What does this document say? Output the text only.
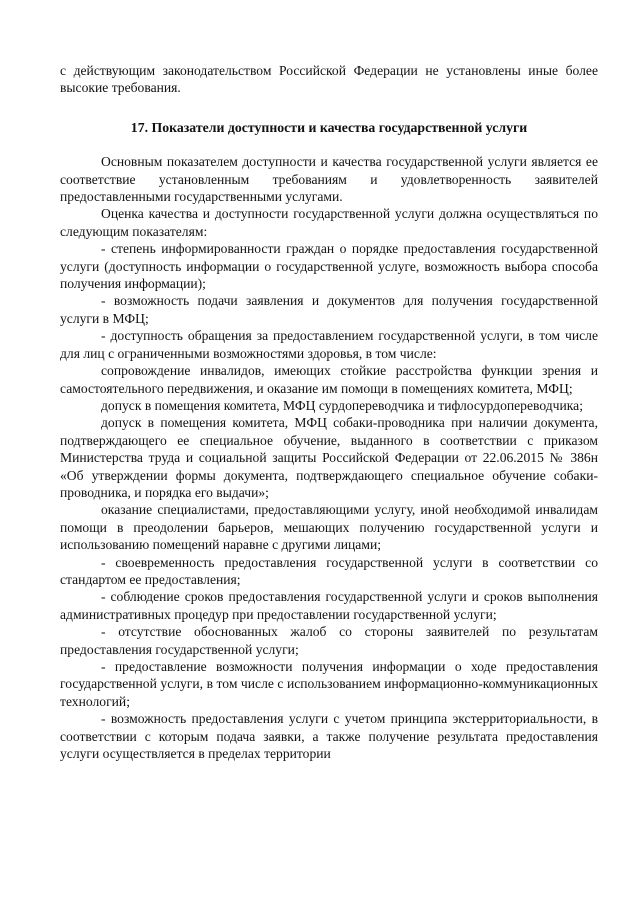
с действующим законодательством Российской Федерации не установлены иные более высокие требования.

17. Показатели доступности и качества государственной услуги

Основным показателем доступности и качества государственной услуги является ее соответствие установленным требованиям и удовлетворенность заявителей предоставленными государственными услугами.

Оценка качества и доступности государственной услуги должна осуществляться по следующим показателям:

- степень информированности граждан о порядке предоставления государственной услуги (доступность информации о государственной услуге, возможность выбора способа получения информации);

- возможность подачи заявления и документов для получения государственной услуги в МФЦ;

- доступность обращения за предоставлением государственной услуги, в том числе для лиц с ограниченными возможностями здоровья, в том числе:

сопровождение инвалидов, имеющих стойкие расстройства функции зрения и самостоятельного передвижения, и оказание им помощи в помещениях комитета, МФЦ;

допуск в помещения комитета, МФЦ сурдопереводчика и тифлосурдопереводчика;

допуск в помещения комитета, МФЦ собаки-проводника при наличии документа, подтверждающего ее специальное обучение, выданного в соответствии с приказом Министерства труда и социальной защиты Российской Федерации от 22.06.2015 № 386н «Об утверждении формы документа, подтверждающего специальное обучение собаки-проводника, и порядка его выдачи»;

оказание специалистами, предоставляющими услугу, иной необходимой инвалидам помощи в преодолении барьеров, мешающих получению государственной услуги и использованию помещений наравне с другими лицами;

- своевременность предоставления государственной услуги в соответствии со стандартом ее предоставления;

- соблюдение сроков предоставления государственной услуги и сроков выполнения административных процедур при предоставлении государственной услуги;

- отсутствие обоснованных жалоб со стороны заявителей по результатам предоставления государственной услуги;

- предоставление возможности получения информации о ходе предоставления государственной услуги, в том числе с использованием информационно-коммуникационных технологий;

- возможность предоставления услуги с учетом принципа экстерриториальности, в соответствии с которым подача заявки, а также получение результата предоставления услуги осуществляется в пределах территории
